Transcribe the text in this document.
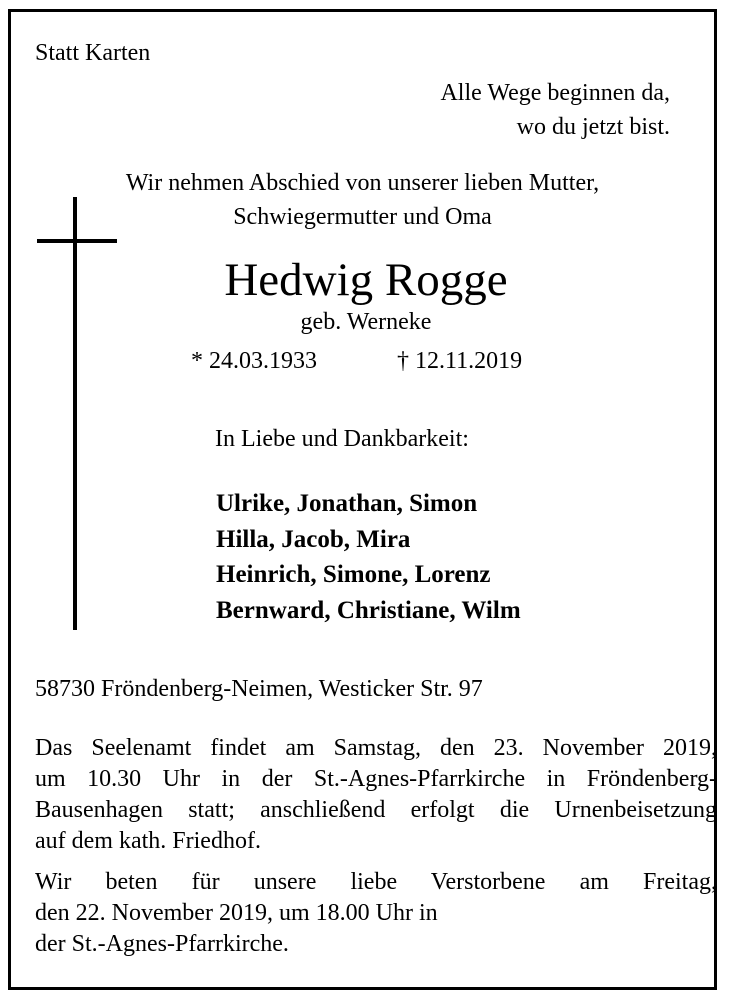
Statt Karten
Alle Wege beginnen da,
wo du jetzt bist.
Wir nehmen Abschied von unserer lieben Mutter,
Schwiegermutter und Oma
Hedwig Rogge
geb. Werneke
* 24.03.1933	† 12.11.2019
In Liebe und Dankbarkeit:
Ulrike, Jonathan, Simon
Hilla, Jacob, Mira
Heinrich, Simone, Lorenz
Bernward, Christiane, Wilm
58730 Fröndenberg-Neimen, Westicker Str. 97
Das Seelenamt findet am Samstag, den 23. November 2019,
um 10.30 Uhr in der St.-Agnes-Pfarrkirche in Fröndenberg-
Bausenhagen statt; anschließend erfolgt die Urnenbeisetzung
auf dem kath. Friedhof.
Wir beten für unsere liebe Verstorbene am Freitag,
den 22. November 2019, um 18.00 Uhr in
der St.-Agnes-Pfarrkirche.
